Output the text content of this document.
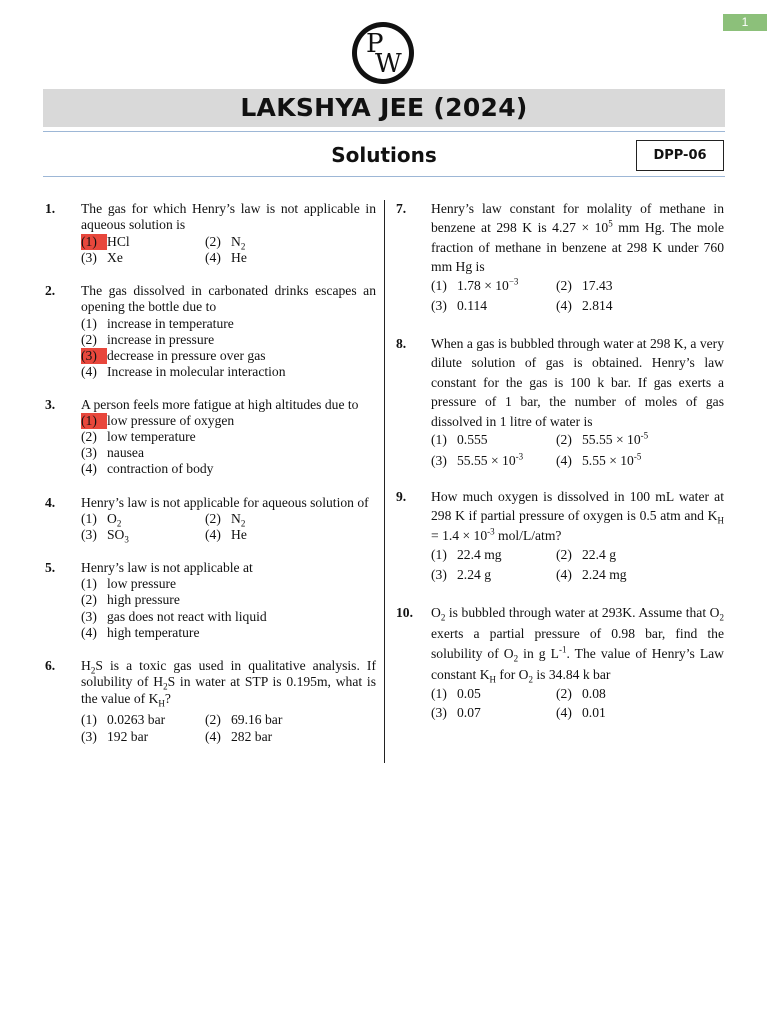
1
P
W
LAKSHYA JEE (2024)
Solutions	DPP-06
1. The gas for which Henry’s law is not applicable in aqueous solution is
(1) HCl	(2) $N_2$
(3) Xe	(4) He
2. The gas dissolved in carbonated drinks escapes an opening the bottle due to
(1) increase in temperature
(2) increase in pressure
(3) decrease in pressure over gas
(4) Increase in molecular interaction
3. A person feels more fatigue at high altitudes due to
(1) low pressure of oxygen
(2) low temperature
(3) nausea
(4) contraction of body
4. Henry’s law is not applicable for aqueous solution of
(1) $O_2$	(2) $N_2$
(3) $SO_3$	(4) He
5. Henry’s law is not applicable at
(1) low pressure
(2) high pressure
(3) gas does not react with liquid
(4) high temperature
6. $H_2S$ is a toxic gas used in qualitative analysis. If solubility of $H_2S$ in water at STP is 0.195m, what is the value of $K_H$?
(1) 0.0263 bar	(2) 69.16 bar
(3) 192 bar	(4) 282 bar
7. Henry’s law constant for molality of methane in benzene at 298 K is $4.27 \times 10^5$ mm Hg. The mole fraction of methane in benzene at 298 K under 760 mm Hg is
(1) $1.78 \times 10^{-3}$	(2) 17.43
(3) 0.114	(4) 2.814
8. When a gas is bubbled through water at 298 K, a very dilute solution of gas is obtained. Henry’s law constant for the gas is 100 k bar. If gas exerts a pressure of 1 bar, the number of moles of gas dissolved in 1 litre of water is
(1) 0.555	(2) $55.55 \times 10^{-5}$
(3) $55.55 \times 10^{-3}$ (4) $5.55 \times 10^{-5}$
9. How much oxygen is dissolved in 100 mL water at 298 K if partial pressure of oxygen is 0.5 atm and $K_H = 1.4 \times 10^{-3}$ mol/L/atm?
(1) 22.4 mg	(2) 22.4 g
(3) 2.24 g	(4) 2.24 mg
10. $O_2$ is bubbled through water at 293K. Assume that $O_2$ exerts a partial pressure of 0.98 bar, find the solubility of $O_2$ in g $L^{-1}$. The value of Henry’s Law constant $K_H$ for $O_2$ is 34.84 k bar
(1) 0.05	(2) 0.08
(3) 0.07	(4) 0.01
